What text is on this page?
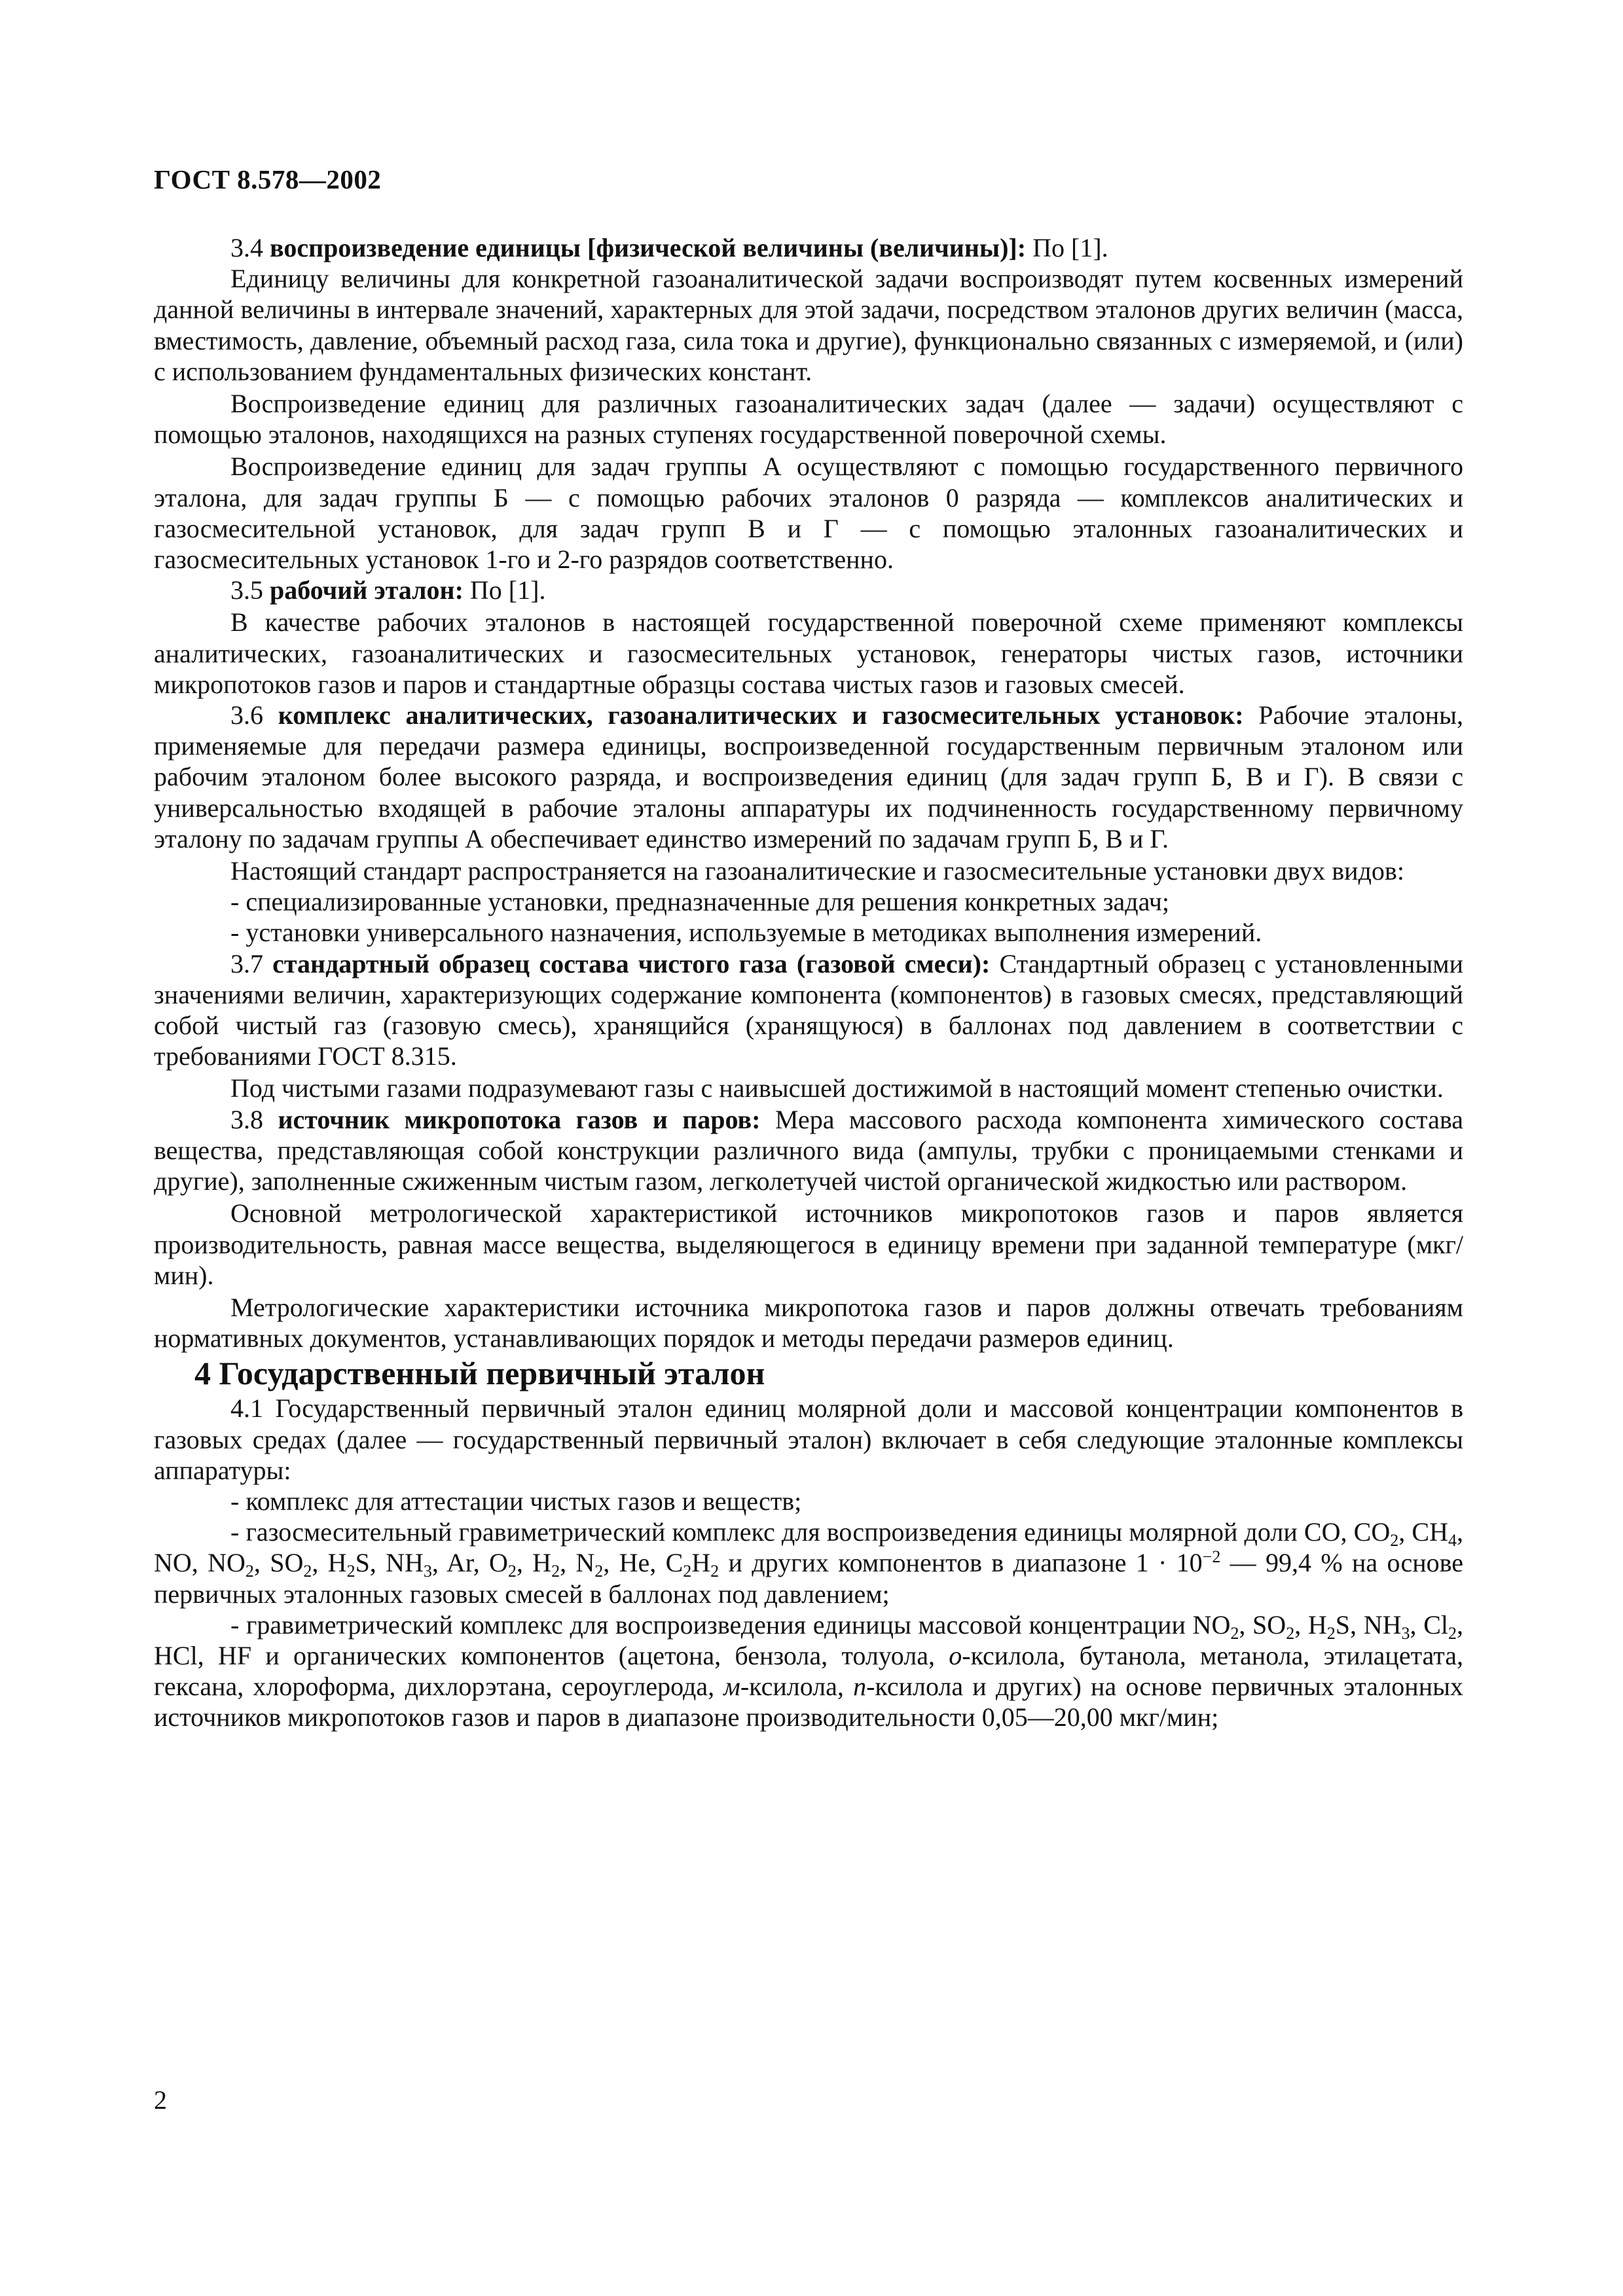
ГОСТ 8.578—2002

3.4 воспроизведение единицы [физической величины (величины)]: По [1].

Единицу величины для конкретной газоаналитической задачи воспроизводят путем косвенных измерений данной величины в интервале значений, характерных для этой задачи, посредством эталонов других величин (масса, вместимость, давление, объемный расход газа, сила тока и другие), функционально связанных с измеряемой, и (или) с использованием фундаментальных физических констант.

Воспроизведение единиц для различных газоаналитических задач (далее — задачи) осуществляют с помощью эталонов, находящихся на разных ступенях государственной поверочной схемы.

Воспроизведение единиц для задач группы А осуществляют с помощью государственного первичного эталона, для задач группы Б — с помощью рабочих эталонов 0 разряда — комплексов аналитических и газосмесительной установок, для задач групп В и Г — с помощью эталонных газоаналитических и газосмесительных установок 1-го и 2-го разрядов соответственно.

3.5 рабочий эталон: По [1].

В качестве рабочих эталонов в настоящей государственной поверочной схеме применяют комплексы аналитических, газоаналитических и газосмесительных установок, генераторы чистых газов, источники микропотоков газов и паров и стандартные образцы состава чистых газов и газовых смесей.

3.6 комплекс аналитических, газоаналитических и газосмесительных установок: Рабочие эталоны, применяемые для передачи размера единицы, воспроизведенной государственным первичным эталоном или рабочим эталоном более высокого разряда, и воспроизведения единиц (для задач групп Б, В и Г). В связи с универсальностью входящей в рабочие эталоны аппаратуры их подчиненность государственному первичному эталону по задачам группы А обеспечивает единство измерений по задачам групп Б, В и Г.

Настоящий стандарт распространяется на газоаналитические и газосмесительные установки двух видов:

- специализированные установки, предназначенные для решения конкретных задач;

- установки универсального назначения, используемые в методиках выполнения измерений.

3.7 стандартный образец состава чистого газа (газовой смеси): Стандартный образец с установленными значениями величин, характеризующих содержание компонента (компонентов) в газовых смесях, представляющий собой чистый газ (газовую смесь), хранящийся (хранящуюся) в баллонах под давлением в соответствии с требованиями ГОСТ 8.315.

Под чистыми газами подразумевают газы с наивысшей достижимой в настоящий момент степенью очистки.

3.8 источник микропотока газов и паров: Мера массового расхода компонента химического состава вещества, представляющая собой конструкции различного вида (ампулы, трубки с проницаемыми стенками и другие), заполненные сжиженным чистым газом, легколетучей чистой органической жидкостью или раствором.

Основной метрологической характеристикой источников микропотоков газов и паров является производительность, равная массе вещества, выделяющегося в единицу времени при заданной температуре (мкг/мин).

Метрологические характеристики источника микропотока газов и паров должны отвечать требованиям нормативных документов, устанавливающих порядок и методы передачи размеров единиц.

4 Государственный первичный эталон

4.1 Государственный первичный эталон единиц молярной доли и массовой концентрации компонентов в газовых средах (далее — государственный первичный эталон) включает в себя следующие эталонные комплексы аппаратуры:

- комплекс для аттестации чистых газов и веществ;

- газосмесительный гравиметрический комплекс для воспроизведения единицы молярной доли CO, $CO_2$, $CH_4$, NO, $NO_2$, $SO_2$, $H_2S$, $NH_3$, Ar, $O_2$, $H_2$, $N_2$, He, $C_2H_2$ и других компонентов в диапазоне $1 \cdot 10^{-2}$ — 99,4 % на основе первичных эталонных газовых смесей в баллонах под давлением;

- гравиметрический комплекс для воспроизведения единицы массовой концентрации $NO_2$, $SO_2$, $H_2S$, $NH_3$, $Cl_2$, HCl, HF и органических компонентов (ацетона, бензола, толуола, о-ксилола, бутанола, метанола, этилацетата, гексана, хлороформа, дихлорэтана, сероуглерода, м-ксилола, п-ксилола и других) на основе первичных эталонных источников микропотоков газов и паров в диапазоне производительности 0,05—20,00 мкг/мин;

2
